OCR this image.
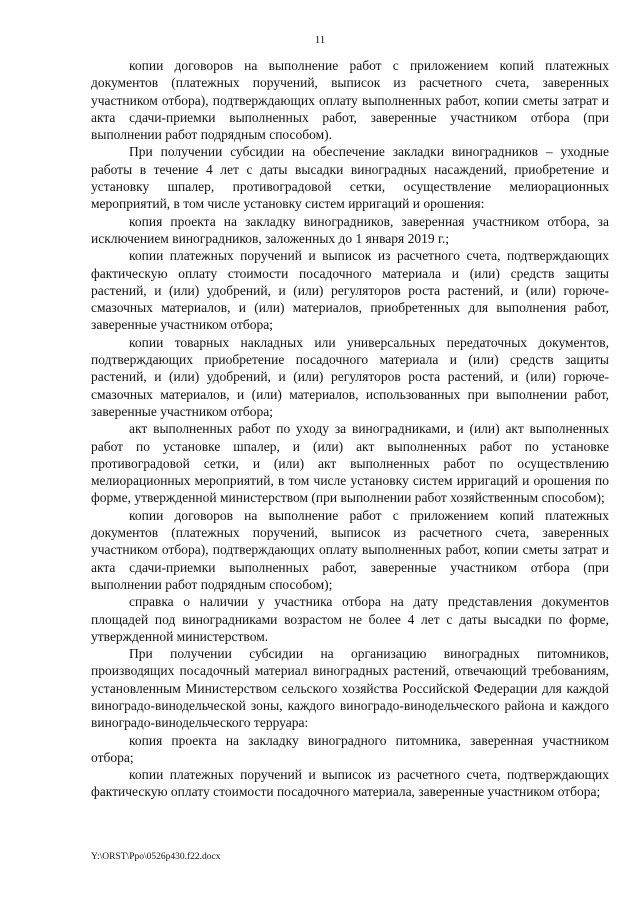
11

копии договоров на выполнение работ с приложением копий платежных документов (платежных поручений, выписок из расчетного счета, заверенных участником отбора), подтверждающих оплату выполненных работ, копии сметы затрат и акта сдачи-приемки выполненных работ, заверенные участником отбора (при выполнении работ подрядным способом).

При получении субсидии на обеспечение закладки виноградников – уходные работы в течение 4 лет с даты высадки виноградных насаждений, приобретение и установку шпалер, противоградовой сетки, осуществление мелиорационных мероприятий, в том числе установку систем ирригаций и орошения:

копия проекта на закладку виноградников, заверенная участником отбора, за исключением виноградников, заложенных до 1 января 2019 г.;

копии платежных поручений и выписок из расчетного счета, подтверждающих фактическую оплату стоимости посадочного материала и (или) средств защиты растений, и (или) удобрений, и (или) регуляторов роста растений, и (или) горюче-смазочных материалов, и (или) материалов, приобретенных для выполнения работ, заверенные участником отбора;

копии товарных накладных или универсальных передаточных документов, подтверждающих приобретение посадочного материала и (или) средств защиты растений, и (или) удобрений, и (или) регуляторов роста растений, и (или) горюче-смазочных материалов, и (или) материалов, использованных при выполнении работ, заверенные участником отбора;

акт выполненных работ по уходу за виноградниками, и (или) акт выполненных работ по установке шпалер, и (или) акт выполненных работ по установке противоградовой сетки, и (или) акт выполненных работ по осуществлению мелиорационных мероприятий, в том числе установку систем ирригаций и орошения по форме, утвержденной министерством (при выполнении работ хозяйственным способом);

копии договоров на выполнение работ с приложением копий платежных документов (платежных поручений, выписок из расчетного счета, заверенных участником отбора), подтверждающих оплату выполненных работ, копии сметы затрат и акта сдачи-приемки выполненных работ, заверенные участником отбора (при выполнении работ подрядным способом);

справка о наличии у участника отбора на дату представления документов площадей под виноградниками возрастом не более 4 лет с даты высадки по форме, утвержденной министерством.

При получении субсидии на организацию виноградных питомников, производящих посадочный материал виноградных растений, отвечающий требованиям, установленным Министерством сельского хозяйства Российской Федерации для каждой виноградо-винодельческой зоны, каждого виноградо-винодельческого района и каждого виноградо-винодельческого терруара:

копия проекта на закладку виноградного питомника, заверенная участником отбора;

копии платежных поручений и выписок из расчетного счета, подтверждающих фактическую оплату стоимости посадочного материала, заверенные участником отбора;

Y:\ORST\Ppo\0526p430.f22.docx
